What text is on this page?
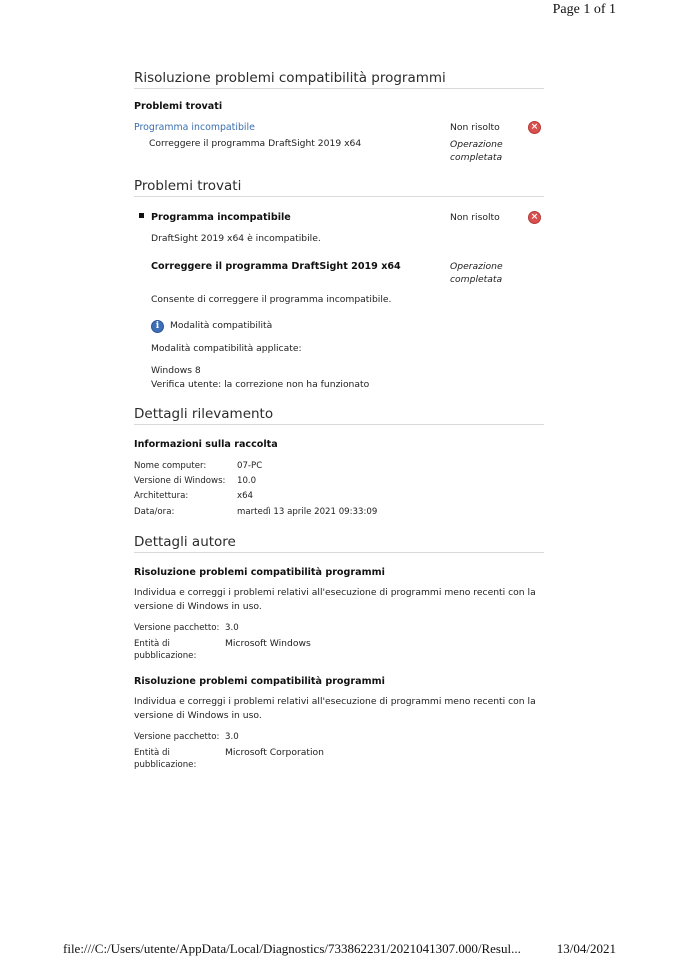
Page 1 of 1
file:///C:/Users/utente/AppData/Local/Diagnostics/733862231/2021041307.000/Resul...	13/04/2021
Risoluzione problemi compatibilità programmi
Problemi trovati
Programma incompatibile	Non risolto	×
Correggere il programma DraftSight 2019 x64	Operazione
completata
Problemi trovati
Programma incompatibile	Non risolto	×
DraftSight 2019 x64 è incompatibile.
Correggere il programma DraftSight 2019 x64	Operazione
completata
Consente di correggere il programma incompatibile.
i	Modalità compatibilità
Modalità compatibilità applicate:
Windows 8
Verifica utente: la correzione non ha funzionato
Dettagli rilevamento
Informazioni sulla raccolta
Nome computer:	07-PC
Versione di Windows: 10.0
Architettura:	x64
Data/ora:	martedì 13 aprile 2021 09:33:09
Dettagli autore
Risoluzione problemi compatibilità programmi
Individua e correggi i problemi relativi all'esecuzione di programmi meno recenti con la
versione di Windows in uso.
Versione pacchetto: 3.0
Entità di
pubblicazione:
Microsoft Windows
Risoluzione problemi compatibilità programmi
Individua e correggi i problemi relativi all'esecuzione di programmi meno recenti con la
versione di Windows in uso.
Versione pacchetto: 3.0
Entità di
pubblicazione:
Microsoft Corporation
